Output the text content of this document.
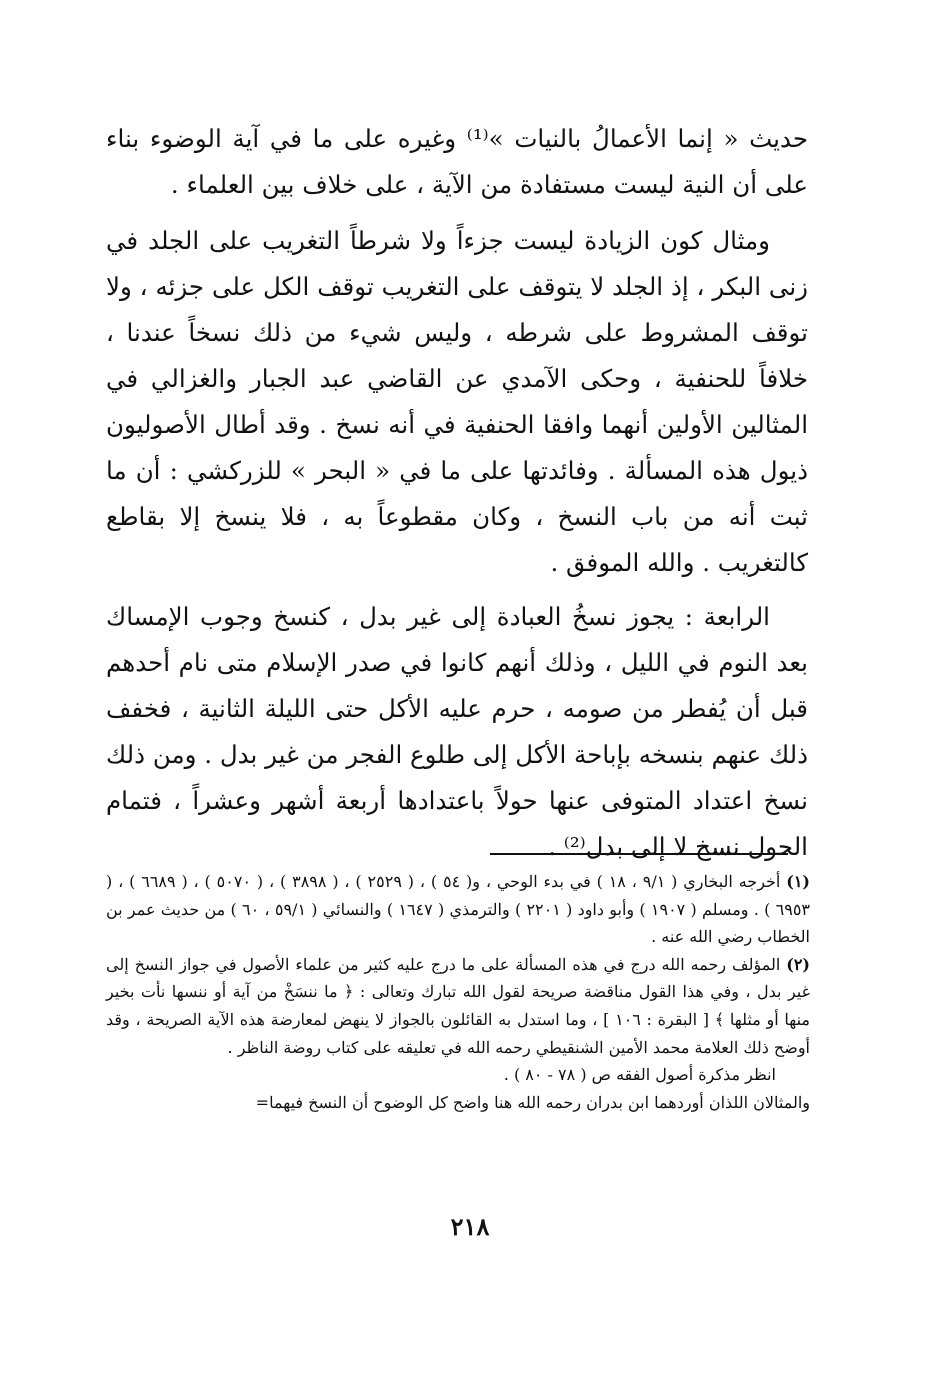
حديث « إنما الأعمالُ بالنيات »⁽¹⁾ وغيره على ما في آية الوضوء بناء على أن النية ليست مستفادة من الآية ، على خلاف بين العلماء .

ومثال كون الزيادة ليست جزءاً ولا شرطاً التغريب على الجلد في زنى البكر ، إذ الجلد لا يتوقف على التغريب توقف الكل على جزئه ، ولا توقف المشروط على شرطه ، وليس شيء من ذلك نسخاً عندنا ، خلافاً للحنفية ، وحكى الآمدي عن القاضي عبد الجبار والغزالي في المثالين الأولين أنهما وافقا الحنفية في أنه نسخ . وقد أطال الأصوليون ذيول هذه المسألة . وفائدتها على ما في « البحر » للزركشي : أن ما ثبت أنه من باب النسخ ، وكان مقطوعاً به ، فلا ينسخ إلا بقاطع كالتغريب . والله الموفق .

الرابعة : يجوز نسخُ العبادة إلى غير بدل ، كنسخ وجوب الإمساك بعد النوم في الليل ، وذلك أنهم كانوا في صدر الإسلام متى نام أحدهم قبل أن يُفطر من صومه ، حرم عليه الأكل حتى الليلة الثانية ، فخفف ذلك عنهم بنسخه بإباحة الأكل إلى طلوع الفجر من غير بدل . ومن ذلك نسخ اعتداد المتوفى عنها حولاً باعتدادها أربعة أشهر وعشراً ، فتمام الحول نسخ لا إلى بدل⁽²⁾ .

(١) أخرجه البخاري ( ٩/١ ، ١٨ ) في بدء الوحي ، و( ٥٤ ) ، ( ٢٥٢٩ ) ، ( ٣٨٩٨ ) ، ( ٥٠٧٠ ) ، ( ٦٦٨٩ ) ، ( ٦٩٥٣ ) . ومسلم ( ١٩٠٧ ) وأبو داود ( ٢٢٠١ ) والترمذي ( ١٦٤٧ ) والنسائي ( ٥٩/١ ، ٦٠ ) من حديث عمر بن الخطاب رضي الله عنه .

(٢) المؤلف رحمه الله درج في هذه المسألة على ما درج عليه كثير من علماء الأصول في جواز النسخ إلى غير بدل ، وفي هذا القول مناقضة صريحة لقول الله تبارك وتعالى : ﴿ ما ننسَخْ من آية أو ننسها نأت بخير منها أو مثلها ﴾ [ البقرة : ١٠٦ ] ، وما استدل به القائلون بالجواز لا ينهض لمعارضة هذه الآية الصريحة ، وقد أوضح ذلك العلامة محمد الأمين الشنقيطي رحمه الله في تعليقه على كتاب روضة الناظر .

انظر مذكرة أصول الفقه ص ( ٧٨ - ٨٠ ) .

والمثالان اللذان أوردهما ابن بدران رحمه الله هنا واضح كل الوضوح أن النسخ فيهما=

٢١٨
